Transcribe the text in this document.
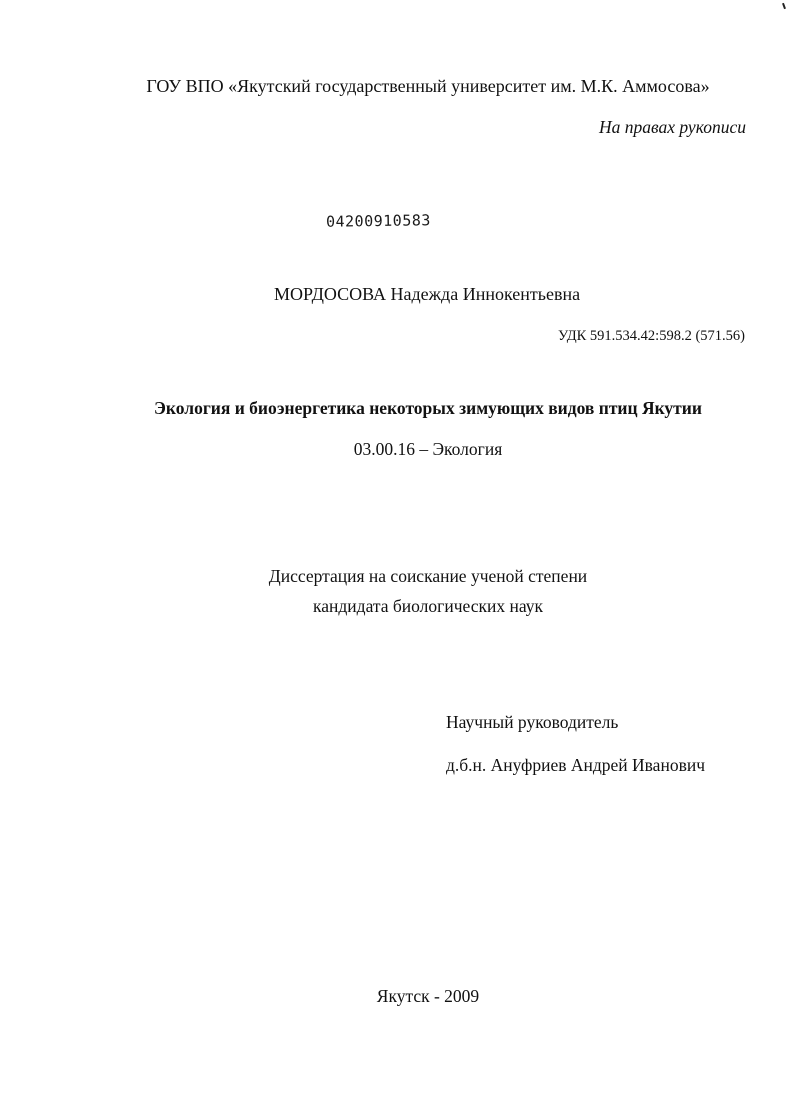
ГОУ ВПО «Якутский государственный университет им. М.К. Аммосова»
На правах рукописи
04200910583
МОРДОСОВА Надежда Иннокентьевна
УДК 591.534.42:598.2 (571.56)
Экология и биоэнергетика некоторых зимующих видов птиц Якутии
03.00.16 – Экология
Диссертация на соискание ученой степени
кандидата биологических наук
Научный руководитель
д.б.н. Ануфриев Андрей Иванович
Якутск - 2009
